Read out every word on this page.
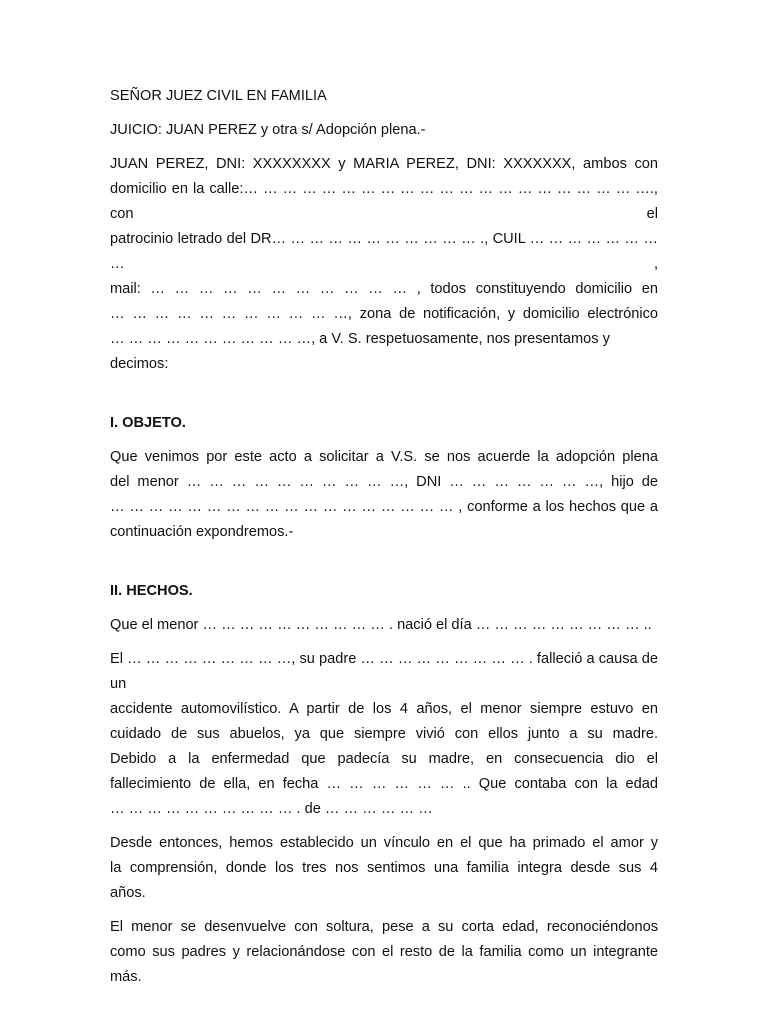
SEÑOR JUEZ CIVIL EN FAMILIA
JUICIO: JUAN PEREZ y otra s/ Adopción plena.-
JUAN PEREZ, DNI: XXXXXXXX y MARIA PEREZ, DNI: XXXXXXX, ambos con
domicilio en la calle:… … … … … … … … … … … … … … … … … … … … …., con el
patrocinio letrado del DR… … … … … … … … … … … ., CUIL … … … … … … … … ,
mail: … … … … … … … … … … … , todos constituyendo domicilio en
… … … … … … … … … … …, zona de notificación, y domicilio electrónico
… … … … … … … … … … …, a V. S. respetuosamente, nos presentamos y decimos:
I. OBJETO.
Que venimos por este acto a solicitar a V.S. se nos acuerde la adopción plena
del menor … … … … … … … … … …, DNI … … … … … … …, hijo de
… … … … … … … … … … … … … … … … … … , conforme a los hechos que a
continuación expondremos.-
II. HECHOS.
Que el menor … … … … … … … … … … . nació el día … … … … … … … … … ..
El … … … … … … … … …, su padre … … … … … … … … … . falleció a causa de un
accidente automovilístico. A partir de los 4 años, el menor siempre estuvo en
cuidado de sus abuelos, ya que siempre vivió con ellos junto a su madre.
Debido a la enfermedad que padecía su madre, en consecuencia dio el
fallecimiento de ella, en fecha … … … … … … .. Que contaba con la edad
… … … … … … … … … … . de … … … … … …
Desde entonces, hemos establecido un vínculo en el que ha primado el amor y
la comprensión, donde los tres nos sentimos una familia integra desde sus 4
años.
El menor se desenvuelve con soltura, pese a su corta edad, reconociéndonos
como sus padres y relacionándose con el resto de la familia como un integrante
más.
